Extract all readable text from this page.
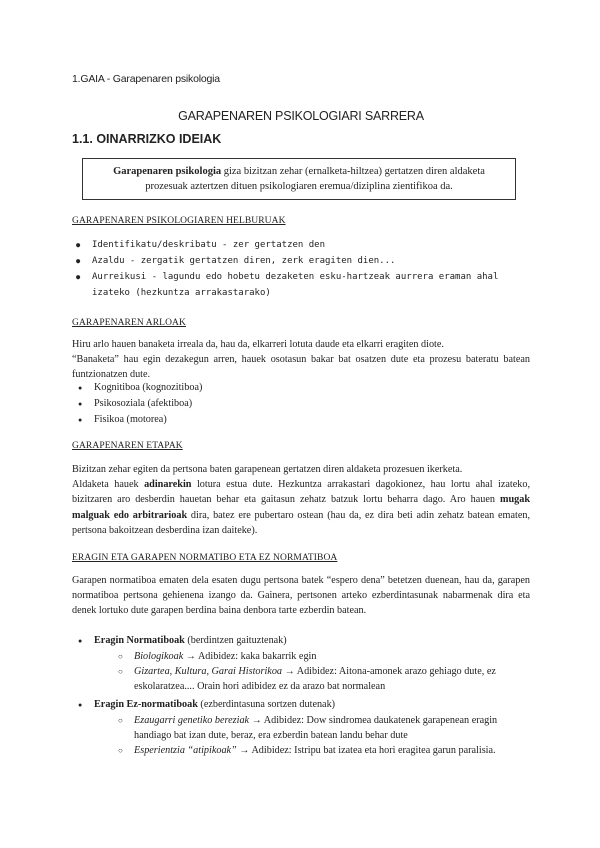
1.GAIA - Garapenaren psikologia
GARAPENAREN PSIKOLOGIARI SARRERA
1.1. OINARRIZKO IDEIAK
Garapenaren psikologia giza bizitzan zehar (ernalketa-hiltzea) gertatzen diren aldaketa prozesuak aztertzen dituen psikologiaren eremua/diziplina zientifikoa da.
GARAPENAREN PSIKOLOGIAREN HELBURUAK
● Identifikatu/deskribatu - zer gertatzen den
● Azaldu - zergatik gertatzen diren, zerk eragiten dien...
● Aurreikusi - lagundu edo hobetu dezaketen esku-hartzeak aurrera eraman ahal izateko (hezkuntza arrakastarako)
GARAPENAREN ARLOAK
Hiru arlo hauen banaketa irreala da, hau da, elkarreri lotuta daude eta elkarri eragiten diote.
“Banaketa” hau egin dezakegun arren, hauek osotasun bakar bat osatzen dute eta prozesu bateratu batean funtzionatzen dute.
● Kognitiboa (kognozitiboa)
● Psikosoziala (afektiboa)
● Fisikoa (motorea)
GARAPENAREN ETAPAK
Bizitzan zehar egiten da pertsona baten garapenean gertatzen diren aldaketa prozesuen ikerketa.
Aldaketa hauek adinarekin lotura estua dute. Hezkuntza arrakastari dagokionez, hau lortu ahal izateko, bizitzaren aro desberdin hauetan behar eta gaitasun zehatz batzuk lortu beharra dago. Aro hauen mugak malguak edo arbitrarioak dira, batez ere pubertaro ostean (hau da, ez dira beti adin zehatz batean ematen, pertsona bakoitzean desberdina izan daiteke).
ERAGIN ETA GARAPEN NORMATIBO ETA EZ NORMATIBOA
Garapen normatiboa ematen dela esaten dugu pertsona batek “espero dena” betetzen duenean, hau da, garapen normatiboa pertsona gehienena izango da. Gainera, pertsonen arteko ezberdintasunak nabarmenak dira eta denek lortuko dute garapen berdina baina denbora tarte ezberdin batean.
● Eragin Normatiboak (berdintzen gaituztenak)
○ Biologikoak → Adibidez: kaka bakarrik egin
○ Gizartea, Kultura, Garai Historikoa → Adibidez: Aitona-amonek arazo gehiago dute, ez eskolaratzea.... Orain hori adibidez ez da arazo bat normalean
● Eragin Ez-normatiboak (ezberdintasuna sortzen dutenak)
○ Ezaugarri genetiko bereziak → Adibidez: Dow sindromea daukatenek garapenean eragin handiago bat izan dute, beraz, era ezberdin batean landu behar dute
○ Esperientzia “atipikoak” → Adibidez: Istripu bat izatea eta hori eragitea garun paralisia.
